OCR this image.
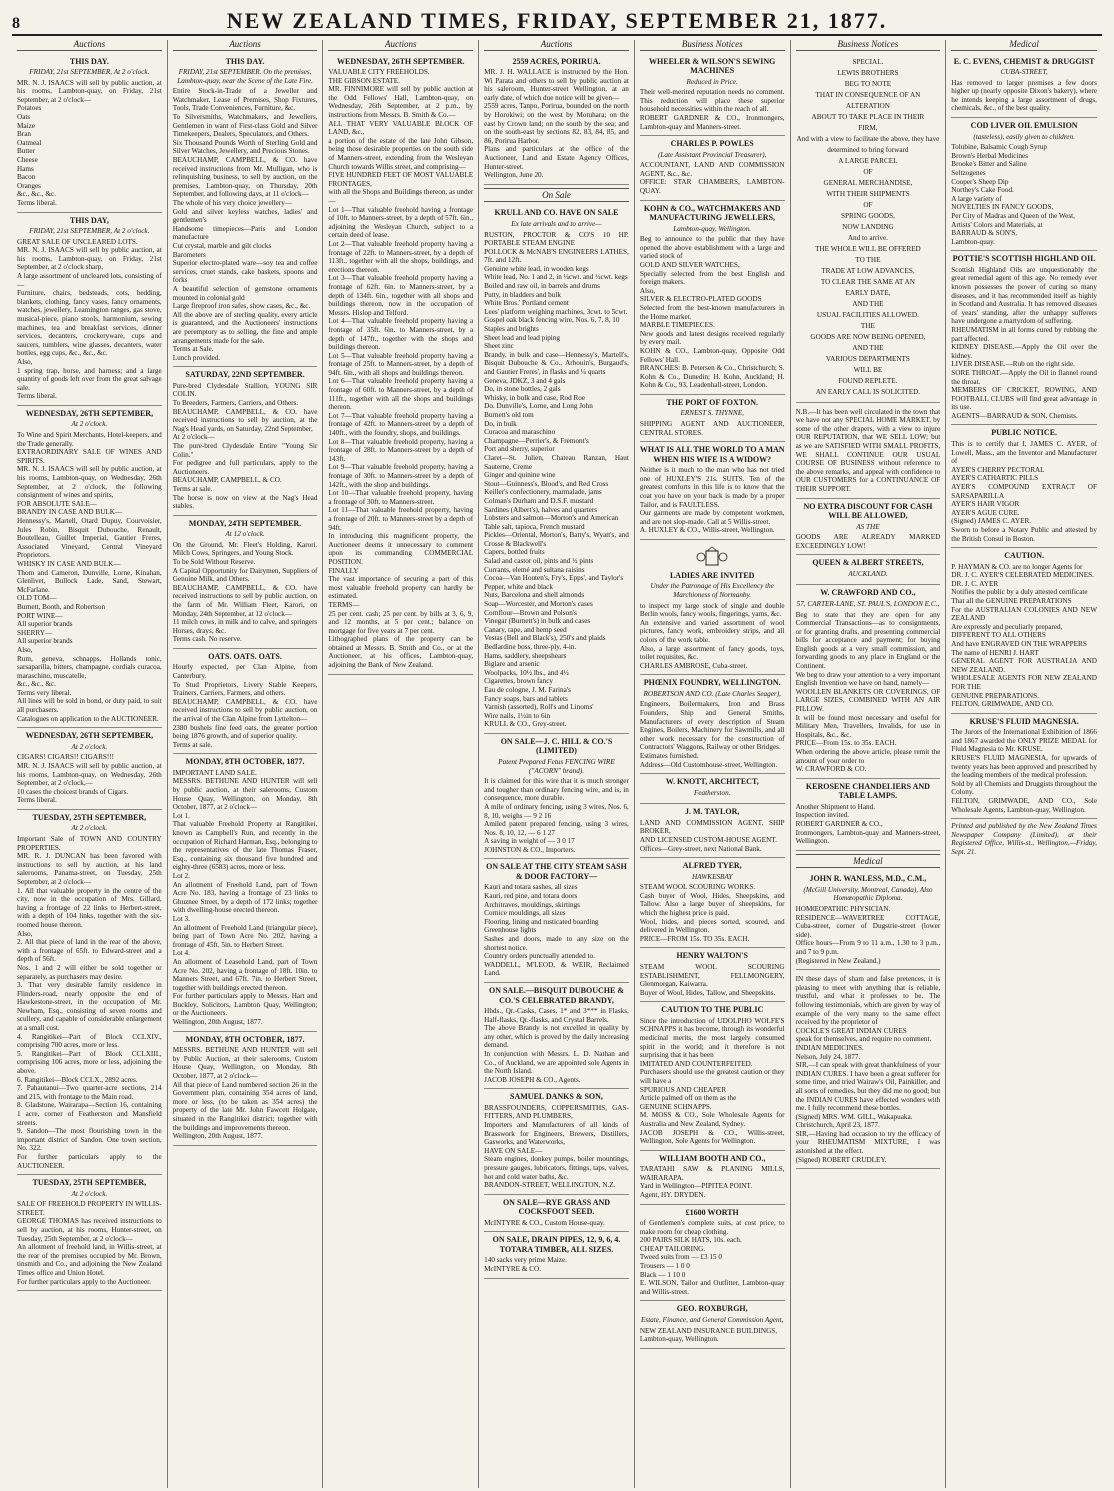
8	NEW ZEALAND TIMES, FRIDAY, SEPTEMBER 21, 1877.
Auctions
THIS DAY.
FRIDAY, 21st SEPTEMBER, At 2 o'clock.
MR. N. J. ISAACS will sell by public auction, at his rooms, Lambton-quay, on Friday, 21st September, at 2 o'clock—
Potatoes
Oats
Maize
Bran
Oatmeal
Butter
Cheese
Hams
Bacon
Oranges
&c., &c., &c.
Terms liberal.
THIS DAY,
FRIDAY, 21st SEPTEMBER, At 2 o'clock.
GREAT SALE OF UNCLEARED LOTS.
MR. N. J. ISAACS will sell by public auction, at his rooms, Lambton-quay, on Friday, 21st September, at 2 o'clock sharp,
A large assortment of uncleared lots, consisting of—
Furniture, chairs, bedsteads, cots, bedding, blankets, clothing, fancy vases, fancy ornaments, watches, jewellery, Leamington ranges, gas stove, musical-piece, piano stools, harmonium, sewing machines, tea and breakfast services, dinner services, decanters, crockeryware, cups and saucers, tumblers, wine glasses, decanters, water bottles, egg cups, &c., &c., &c.
Also,
1 spring trap, horse, and harness; and a large quantity of goods left over from the great salvage sale.
Terms liberal.
WEDNESDAY, 26TH SEPTEMBER,
At 2 o'clock.
To Wine and Spirit Merchants, Hotel-keepers, and the Trade generally.
EXTRAORDINARY SALE OF WINES AND SPIRITS.
MR. N. J. ISAACS will sell by public auction, at his rooms, Lambton-quay, on Wednesday, 26th September, at 2 o'clock, the following consignment of wines and spirits,
FOR ABSOLUTE SALE—
BRANDY IN CASE AND BULK—
Hennessy's, Martell, Otard Dupuy, Courvoisier, Jules Robin, Bisquit Dubouche, Renault, Boutelleau, Guillet Imperial, Gautier Freres, Associated Vineyard, Central Vineyard Proprietors.
WHISKY IN CASE AND BULK—
Thom and Cameron, Dunville, Lorne, Kinahan, Glenlivet, Bullock Lade, Sand, Stewart, McFarlane.
OLD TOM—
Burnett, Booth, and Robertson
PORT WINE—
All superior brands
SHERRY—
All superior brands
Also,
Rum, geneva, schnapps, Hollands tonic, sarsaparilla, bitters, champagne, cordials curacoa, maraschino, muscatelle,
&c., &c., &c.
Terms very liberal.
All lines will be sold in bond, or duty paid, to suit all purchasers.
Catalogues on application to the AUCTIONEER.
WEDNESDAY, 26TH SEPTEMBER,
At 2 o'clock.
CIGARS! CIGARS!! CIGARS!!!
MR. N. J. ISAACS will sell by public auction, at his rooms, Lambton-quay, on Wednesday, 26th September, at 2 o'clock,—
10 cases the choicest brands of Cigars.
Terms liberal.
TUESDAY, 25TH SEPTEMBER,
At 2 o'clock.
Important Sale of TOWN AND COUNTRY PROPERTIES.
MR. R. J. DUNCAN has been favored with instructions to sell by auction, at his land salerooms, Panama-street, on Tuesday, 25th September, at 2 o'clock—
1. All that valuable property in the centre of the city, now in the occupation of Mrs. Gillard, having a frontage of 22 links to Herbert-street, with a depth of 104 links, together with the six-roomed house thereon.
Also,
2. All that piece of land in the rear of the above, with a frontage of 65ft. to Edward-street and a depth of 56ft.
Nos. 1 and 2 will either be sold together or separately, as purchasers may desire.
3. That very desirable family residence in Flinders-road, nearly opposite the end of Hawkestone-street, in the occupation of Mr. Newham, Esq., consisting of seven rooms and scullery, and capable of considerable enlargement at a small cost.
4. Rangitikei—Part of Block CCLXIV., comprising 700 acres, more or less.
5. Rangitikei—Part of Block CCLXIII., comprising 106 acres, more or less, adjoining the above.
6. Rangitikei—Block CCLX., 2892 acres.
7. Pahautanui—Two quarter-acre sections, 214 and 215, with frontage to the Main road.
8. Gladstone, Wairarapa—Section 16, containing 1 acre, corner of Featherston and Mansfield streets.
9. Sandon—The most flourishing town in the important district of Sandon. One town section, No. 322.
For further particulars apply to the AUCTIONEER.
TUESDAY, 25TH SEPTEMBER,
At 2 o'clock.
SALE OF FREEHOLD PROPERTY IN WILLIS-STREET.
GEORGE THOMAS has received instructions to sell by auction, at his rooms, Hunter-street, on Tuesday, 25th September, at 2 o'clock—
An allotment of freehold land, in Willis-street, at the rear of the premises occupied by Mr. Brown, tinsmith and Co., and adjoining the New Zealand Times office and Union Hotel.
For further particulars apply to the Auctioneer.
Auctions
THIS DAY.
FRIDAY, 21st SEPTEMBER. On the premises, Lambton-quay, near the Scene of the Late Fire.
Entire Stock-in-Trade of a Jeweller and Watchmaker, Lease of Premises, Shop Fixtures, Tools, Trade Conveniences, Furniture, &c.
To Silversmiths, Watchmakers, and Jewellers, Gentlemen in want of First-class Gold and Silver Timekeepers, Dealers, Speculators, and Others.
Six Thousand Pounds Worth of Sterling Gold and Silver Watches, Jewellery, and Precious Stones.
BEAUCHAMP, CAMPBELL, & CO. have received instructions from Mr. Mulligan, who is relinquishing business, to sell by auction, on the premises, Lambton-quay, on Thursday, 20th September, and following days, at 11 o'clock—
The whole of his very choice jewellery—
Gold and silver keyless watches, ladies' and gentlemen's
Handsome timepieces—Paris and London manufacture
Cut crystal, marble and gilt clocks
Barometers
Superior electro-plated ware—soy tea and coffee services, cruet stands, cake baskets, spoons and forks
A beautiful selection of gemstone ornaments mounted in colonial gold
Large fireproof iron safes, show cases, &c., &c.
All the above are of sterling quality, every article is guaranteed, and the Auctioneers' instructions are peremptory as to selling, the fine and ample arrangements made for the sale.
Terms at Sale.
Lunch provided.
SATURDAY, 22ND SEPTEMBER.
Pure-bred Clydesdale Stallion, YOUNG SIR COLIN.
To Breeders, Farmers, Carriers, and Others.
BEAUCHAMP, CAMPBELL, & CO. have received instructions to sell by auction, at the Nag's Head yards, on Saturday, 22nd September,
At 2 o'clock—
The pure-bred Clydesdale Entire "Young Sir Colin."
For pedigree and full particulars, apply to the Auctioneers.
BEAUCHAMP, CAMPBELL, & CO.
Terms at sale.
The horse is now on view at the Nag's Head stables.
MONDAY, 24TH SEPTEMBER.
At 12 o'clock.
On the Ground, Mr. Fleet's Holding, Karori. Milch Cows, Springers, and Young Stock.
To be Sold Without Reserve.
A Capital Opportunity for Dairymen, Suppliers of Genuine Milk, and Others.
BEAUCHAMP, CAMPBELL, & CO. have received instructions to sell by public auction, on the farm of Mr. William Fleet, Karori, on Monday, 24th September, at 12 o'clock—
11 milch cows, in milk and to calve, and springers
Horses, drays, &c.
Terms cash. No reserve.
OATS. OATS. OATS.
Hourly expected, per Clan Alpine, from Canterbury.
To Stud Proprietors, Livery Stable Keepers, Trainers, Carriers, Farmers, and others.
BEAUCHAMP, CAMPBELL, & CO. have received instructions to sell by public auction, on the arrival of the Clan Alpine from Lyttelton—
2380 bushels fine feed oats, the greater portion being 1876 growth, and of superior quality.
Terms at sale.
MONDAY, 8TH OCTOBER, 1877.
IMPORTANT LAND SALE.
MESSRS. BETHUNE AND HUNTER will sell by public auction, at their salerooms, Custom House Quay, Wellington, on Monday, 8th October, 1877, at 2 o'clock—
Lot 1.
That valuable Freehold Property at Rangitikei, known as Campbell's Run, and recently in the occupation of Richard Harman, Esq., belonging to the representatives of the late Thomas Fraser, Esq., containing six thousand five hundred and eighty-three (6583) acres, more or less.
Lot 2.
An allotment of Freehold Land, part of Town Acre No. 183, having a frontage of 23 links to Ghuznee Street, by a depth of 172 links; together with dwelling-house erected thereon.
Lot 3.
An allotment of Freehold Land (triangular piece), being part of Town Acre No. 202, having a frontage of 45ft. 5in. to Herbert Street.
Lot 4.
An allotment of Leasehold Land, part of Town Acre No. 202, having a frontage of 18ft. 10in. to Manners Street, and 67ft. 7in. to Herbert Street, together with buildings erected thereon.
For further particulars apply to Messrs. Hart and Buckley, Solicitors, Lambton Quay, Wellington; or the Auctioneers.
Wellington, 20th August, 1877.
MONDAY, 8TH OCTOBER, 1877.
MESSRS. BETHUNE AND HUNTER will sell by Public Auction, at their salerooms, Custom House Quay, Wellington, on Monday, 8th October, 1877, at 2 o'clock—
All that piece of Land numbered section 26 in the Government plan, containing 354 acres of land, more or less, (to be taken as 354 acres) the property of the late Mr. John Fawcett Holgate, situated in the Rangitikei district; together with the buildings and improvements thereon.
Wellington, 20th August, 1877.
Auctions
WEDNESDAY, 26TH SEPTEMBER.
VALUABLE CITY FREEHOLDS.
THE GIBSON ESTATE.
MR. FINNIMORE will sell by public auction at the Odd Fellows' Hall, Lambton-quay, on Wednesday, 26th September, at 2 p.m., by instructions from Messrs. B. Smith & Co.—
ALL THAT VERY VALUABLE BLOCK OF LAND, &c.,
a portion of the estate of the late John Gibson, being those desirable properties on the south side of Manners-street, extending from the Wesleyan Church towards Willis street, and comprising—
FIVE HUNDRED FEET OF MOST VALUABLE FRONTAGES,
with all the Shops and Buildings thereon, as under—
Lot 1—That valuable freehold having a frontage of 10ft. to Manners-street, by a depth of 57ft. 6in., adjoining the Wesleyan Church, subject to a certain deed of lease.
Lot 2—That valuable freehold property having a frontage of 22ft. to Manners-street, by a depth of 113ft., together with all the shops, buildings, and erections thereon.
Lot 3—That valuable freehold property having a frontage of 62ft. 6in. to Manners-street, by a depth of 134ft. 6in., together with all shops and buildings thereon, now in the occupation of Messrs. Hislop and Telford.
Lot 4—That valuable freehold property having a frontage of 35ft. 6in. to Manners-street, by a depth of 147ft., together with the shops and buildings thereon.
Lot 5—That valuable freehold property having a frontage of 25ft. to Manners-street, by a depth of 94ft. 6in., with all shops and buildings thereon.
Lot 6—That valuable freehold property having a frontage of 60ft. to Manners-street, by a depth of 111ft., together with all the shops and buildings thereon.
Lot 7—That valuable freehold property having a frontage of 42ft. to Manners-street by a depth of 140ft., with the foundry, shops, and buildings.
Lot 8—That valuable freehold property, having a frontage of 28ft. to Manners-street by a depth of 143ft.
Lot 9—That valuable freehold property, having a frontage of 30ft. to Manners-street by a depth of 142ft., with the shop and buildings.
Lot 10—That valuable freehold property, having a frontage of 30ft. to Manners-street.
Lot 11—That valuable freehold property, having a frontage of 20ft. to Manners-street by a depth of 94ft.
In introducing this magnificent property, the Auctioneer deems it unnecessary to comment upon its commanding COMMERCIAL POSITION.
FINALLY
The vast importance of securing a part of this most valuable freehold property can hardly be estimated.
TERMS—
25 per cent. cash; 25 per cent. by bills at 3, 6, 9, and 12 months, at 5 per cent.; balance on mortgage for five years at 7 per cent.
Lithographed plans of the property can be obtained at Messrs. B. Smith and Co., or at the Auctioneer, at his offices, Lambton-quay, adjoining the Bank of New Zealand.
Auctions
2559 ACRES, PORIRUA.
MR. J. H. WALLACE is instructed by the Hon. Wi Parata and others to sell by public auction at his saleroom, Hunter-street Wellington, at an early date, of which due notice will be given—
2559 acres, Tanpo, Porirua, bounded on the north by Horokiwi; on the west by Motuhara; on the east by Crown land; on the south by the sea; and on the south-east by sections 82, 83, 84, 85, and 86, Porirua Harbor.
Plans and particulars at the office of the Auctioneer, Land and Estate Agency Offices, Hunter-street.
Wellington, June 20.
On Sale
KRULL AND CO. HAVE ON SALE
Ex late arrivals and to arrive—
RUSTON, PROCTOR & CO'S 10 HP. PORTABLE STEAM ENGINE
POLLOCK & McNAB'S ENGINEERS LATHES, 7ft. and 12ft.
Genuine white lead, in wooden kegs
White lead, No. 1 and 2, in ¼cwt. and ½cwt. kegs
Boiled and raw oil, in barrels and drums
Putty, in bladders and bulk
White Bros.' Portland cement
Lees' platform weighing machines, 3cwt. to 5cwt.
Gospel oak black fencing wire, Nos. 6, 7, 8, 10
Staples and brights
Sheet lead and lead piping
Sheet zinc
Brandy, in bulk and case—Hennessy's, Martell's, Bisquit Dubouche & Co., Arbouin's, Burgaud's, and Gautier Freres', in flasks and ¼ quarts
Geneva, JDKZ, 3 and 4 gals
Do, in stone bottles, 2 gals
Whisky, in bulk and case, Rod Roe
Do. Dunville's, Lorne, and Long John
Burnett's old tom
Do, in bulk
Curacoa and maraschino
Champagne—Perrier's, & Fremont's
Port and sherry, superior
Claret—St. Julien, Chateau Ranzan, Haut Sauterne, Creme
Ginger and quinine wine
Stout—Guinness's, Blood's, and Red Cross
Keiller's confectionery, marmalade, jams
Colman's Durham and D.S.F. mustard
Sardines (Albert's), halves and quarters
Lobsters and salmon—Morton's and American
Table salt, tapioca, French mustard
Pickles—Oriental, Morton's, Batty's, Wyatt's, and Crosse & Blackwell's
Capers, bottled fruits
Salad and castor oil, pints and ½ pints
Currants, elemé and sultana raisins
Cocoa—Van Houten's, Fry's, Epps', and Taylor's
Pepper, white and black
Nuts, Barcelona and shell almonds
Soap—Worcester, and Morton's cases
Cornflour—Brown and Polson's
Vinegar (Burnett's) in bulk and cases
Canary, rape, and hemp seed
Vestas (Bell and Black's), 250's and plaids
Bedlardine boss, three-ply, 4-in.
Hams, saddlery, sheepshears
Biglare and arsenic
Woolpacks, 10½ lbs., and 4½
Cigarettes, brown fancy
Eau de cologne, J. M. Farina's
Fancy soaps, bars and tablets
Varnish (assorted), Roll's and Linoms'
Wire nails, 1½in to 6in
KRULL & CO., Grey-street.
ON SALE—J. C. HILL & CO.'S (LIMITED)
Patent Prepared Fetus FENCING WIRE ("ACORN" brand).
It is claimed for this wire that it is much stronger and tougher than ordinary fencing wire, and is, in consequence, more durable.
A mile of ordinary fencing, using 3 wires, Nos. 6, 8, 10, weighs — 9 2 16
Amiled patent prepared fencing, using 3 wires, Nos. 8, 10, 12, — 6 1 27
A saving in weight of — 3 0 17
JOHNSTON & CO., Importers.
ON SALE AT THE CITY STEAM SASH & DOOR FACTORY—
Kauri and totara sashes, all sizes
Kauri, red pine, and totara doors
Architraves, mouldings, skirtings
Cornice mouldings, all sizes
Flooring, lining and rusticated boarding
Greenhouse lights
Sashes and doors, made to any size on the shortest notice.
Country orders punctually attended to.
WADDELL, M'LEOD, & WEIR, Reclaimed Land.
ON SALE.—BISQUIT DUBOUCHE & CO.'S CELEBRATED BRANDY,
Hhds., Qr.-Casks, Cases, 1* and 3*** in Flasks, Half-flasks, Qr.-flasks, and Crystal Barrels.
The above Brandy is not excelled in quality by any other, which is proved by the daily increasing demand.
In conjunction with Messrs. L. D. Nathan and Co., of Auckland, we are appointed sole Agents in the North Island.
JACOB JOSEPH & CO., Agents.
SAMUEL DANKS & SON,
BRASSFOUNDERS, COPPERSMITHS, GAS-FITTERS, AND PLUMBERS,
Importers and Manufacturers of all kinds of Brasswork for Engineers, Brewers, Distillers, Gasworks, and Waterworks,
HAVE ON SALE—
Steam engines, donkey pumps, boiler mountings, pressure gauges, lubricators, fittings, taps, valves, hot and cold water baths, &c.
BRANDON-STREET, WELLINGTON, N.Z.
ON SALE—RYE GRASS AND COCKSFOOT SEED.
McINTYRE & CO., Custom House-quay.
ON SALE, DRAIN PIPES, 12, 9, 6, 4. TOTARA TIMBER, ALL SIZES.
140 sacks very prime Maize.
McINTYRE & CO.
Business Notices
WHEELER & WILSON'S SEWING MACHINES
Reduced in Price.
Their well-merited reputation needs no comment. This reduction will place these superior household necessities within the reach of all.
ROBERT GARDNER & CO., Ironmongers, Lambton-quay and Manners-street.
CHARLES P. POWLES
(Late Assistant Provincial Treasurer),
ACCOUNTANT, LAND AND COMMISSION AGENT, &c., &c.
OFFICE: STAR CHAMBERS, LAMBTON-QUAY.
KOHN & CO., WATCHMAKERS AND MANUFACTURING JEWELLERS,
Lambton-quay, Wellington.
Beg to announce to the public that they have opened the above establishment with a large and varied stock of
GOLD AND SILVER WATCHES,
Specially selected from the best English and foreign makers.
Also,
SILVER & ELECTRO-PLATED GOODS
Selected from the best-known manufacturers in the Home market.
MARBLE TIMEPIECES.
New goods and latest designs received regularly by every mail.
KOHN & CO., Lambton-quay, Opposite Odd Fellows' Hall.
BRANCHES: B. Petersen & Co., Christchurch; S. Kohn & Co., Dunedin; H. Kohn, Auckland; H. Kohn & Co., 93, Leadenhall-street, London.
THE PORT OF FOXTON.
ERNEST S. THYNNE,
SHIPPING AGENT AND AUCTIONEER, CENTRAL STORES.
WHAT IS ALL THE WORLD TO A MAN WHEN HIS WIFE IS A WIDOW?
Neither is it much to the man who has not tried one of HUXLEY'S 21s. SUITS. Ten of the greatest comforts in this life is to know that the coat you have on your back is made by a proper Tailor, and is FAULTLESS.
Our garments are made by competent workmen, and are not slop-made. Call at 5 Willis-street.
A. HUXLEY & CO., Willis-street, Wellington.
LADIES ARE INVITED
Under the Patronage of His Excellency the Marchioness of Normanby.
to inspect my large stock of single and double Berlin wools, fancy wools, fingerings, yarns, &c.
An extensive and varied assortment of wool pictures, fancy work, embroidery strips, and all colors of the work table.
Also, a large assortment of fancy goods, toys, toilet requisites, &c.
CHARLES AMBROSE, Cuba-street.
PHŒNIX FOUNDRY, WELLINGTON.
ROBERTSON AND CO. (Late Charles Seager),
Engineers, Boilermakers, Iron and Brass Founders, Ship and General Smiths, Manufacturers of every description of Steam Engines, Boilers, Machinery for Sawmills, and all other work necessary for the construction of Contractors' Waggons, Railway or other Bridges.
Estimates furnished.
Address—Old Customhouse-street, Wellington.
W. KNOTT, ARCHITECT,
Featherston.
J. M. TAYLOR,
LAND AND COMMISSION AGENT, SHIP BROKER,
AND LICENSED CUSTOM-HOUSE AGENT.
Offices—Grey-street, next National Bank.
ALFRED TYER,
HAWKESBAY
STEAM WOOL SCOURING WORKS.
Cash buyer of Wool, Hides, Sheepskins, and Tallow. Also a large buyer of sheepskins, for which the highest price is paid.
Wool, hides, and pieces sorted, scoured, and delivered in Wellington.
PRICE—FROM 15s. TO 35s. EACH.
HENRY WALTON'S
STEAM WOOL SCOURING ESTABLISHMENT, FELLMONGERY, Glenmorgan, Kaiwarra.
Buyer of Wool, Hides, Tallow, and Sheepskins.
CAUTION TO THE PUBLIC
Since the introduction of UDOLPHO WOLFE'S SCHNAPPS it has become, through its wonderful medicinal merits, the most largely consumed spirit in the world; and it therefore is not surprising that it has been
IMITATED AND COUNTERFEITED.
Purchasers should use the greatest caution or they will have a
SPURIOUS AND CHEAPER
Article palmed off on them as the
GENUINE SCHNAPPS.
M. MOSS & CO., Sole Wholesale Agents for Australia and New Zealand, Sydney.
JACOB JOSEPH & CO., Willis-street, Wellington, Sole Agents for Wellington.
WILLIAM BOOTH AND CO.,
TARATAHI SAW & PLANING MILLS, WAIRARAPA.
Yard in Wellington—PIPITEA POINT.
Agent, HY. DRYDEN.
£1600 WORTH
of Gentlemen's complete suits, at cost price, to make room for cheap clothing.
200 PAIRS SILK HATS, 10s. each.
CHEAP TAILORING.
Tweed suits from — £3 15 0
Trousers — 1 0 0
Black — 1 10 0
E. WILSON, Tailor and Outfitter, Lambton-quay and Willis-street.
GEO. ROXBURGH,
Estate, Finance, and General Commission Agent,
NEW ZEALAND INSURANCE BUILDINGS,
Lambton-quay, Wellington.
Business Notices
SPECIAL.
LEWIS BROTHERS
BEG TO NOTE
THAT IN CONSEQUENCE OF AN
ALTERATION
ABOUT TO TAKE PLACE IN THEIR
FIRM,
And with a view to facilitate the above, they have determined to bring forward
A LARGE PARCEL
OF
GENERAL MERCHANDISE,
WITH THEIR SHIPMENTS
OF
SPRING GOODS,
NOW LANDING
And to arrive.
THE WHOLE WILL BE OFFERED
TO THE
TRADE AT LOW ADVANCES,
TO CLEAR THE SAME AT AN
EARLY DATE,
AND THE
USUAL FACILITIES ALLOWED.
THE
GOODS ARE NOW BEING OPENED,
AND THE
VARIOUS DEPARTMENTS
WILL BE
FOUND REPLETE.
AN EARLY CALL IS SOLICITED.
N.B.—It has been well circulated in the town that we have not any SPECIAL HOME MARKET, by some of the other drapers, with a view to injure OUR REPUTATION, that WE SELL LOW; but as we are SATISFIED WITH SMALL PROFITS, WE SHALL CONTINUE OUR USUAL COURSE OF BUSINESS without reference to the above remarks, and appeal with confidence to OUR CUSTOMERS for a CONTINUANCE OF THEIR SUPPORT.
NO EXTRA DISCOUNT FOR CASH WILL BE ALLOWED,
AS THE
GOODS ARE ALREADY MARKED EXCEEDINGLY LOW!
QUEEN & ALBERT STREETS,
AUCKLAND.
W. CRAWFORD AND CO.,
57, CARTER-LANE, ST. PAUL'S, LONDON E.C.,
Beg to state that they are open for any Commercial Transactions—as to consignments, or for granting drafts, and presenting commercial bills for acceptance and payment; for buying English goods at a very small commission, and forwarding goods to any place in England or the Continent.
We beg to draw your attention to a very important English Invention we have on hand, namely—
WOOLLEN BLANKETS OR COVERINGS, OF LARGE SIZES, COMBINED WITH AN AIR PILLOW.
It will be found most necessary and useful for Military Men, Travellers, Invalids, for use in Hospitals, &c., &c.
PRICE—From 15s. to 35s. EACH.
When ordering the above article, please remit the amount of your order to
W. CRAWFORD & CO.
KEROSENE CHANDELIERS AND TABLE LAMPS.
Another Shipment to Hand.
Inspection invited.
ROBERT GARDNER & CO.,
Ironmongers, Lambton-quay and Manners-street, Wellington.
Medical
JOHN R. WANLESS, M.D., C.M.,
(McGill University, Montreal, Canada), Also Homœopathic Diploma.
HOMŒOPATHIC PHYSICIAN.
RESIDENCE—WAVERTREE COTTAGE, Cuba-street, corner of Dugstrie-street (lower side).
Office hours—From 9 to 11 a.m., 1.30 to 3 p.m., and 7 to 9 p.m.
(Registered in New Zealand.)
IN these days of sham and false pretences, it is pleasing to meet with anything that is reliable, trustful, and what it professes to be. The following testimonials, which are given by way of example of the very many to the same effect received by the proprietor of
COCKLE'S GREAT INDIAN CURES
speak for themselves, and require no comment.
INDIAN MEDICINES.
Nelson, July 24, 1877.
SIR,—I can speak with great thankfulness of your INDIAN CURES. I have been a great sufferer for some time, and tried Wairaw's Oil, Painkiller, and all sorts of remedies, but they did me no good; but the INDIAN CURES have effected wonders with me. I fully recommend these bottles.
(Signed) MRS. WM. GILL, Wakapuaka.
Christchurch, April 23, 1877.
SIR,—Having had occasion to try the efficacy of your RHEUMATISM MIXTURE, I was astonished at the effect.
(Signed) ROBERT CRUDLEY.
Medical
E. C. EVENS, CHEMIST & DRUGGIST
CUBA-STREET,
Has removed to larger premises a few doors higher up (nearly opposite Dixon's bakery), where he intends keeping a large assortment of drugs, chemicals, &c., of the best quality.
COD LIVER OIL EMULSION
(tasteless), easily given to children.
Tolubine, Balsamic Cough Syrup
Brown's Herbal Medicines
Brooke's Bitter and Saline
Seltzogenes
Cooper's Sheep Dip
Northey's Cake Food.
A large variety of
NOVELTIES IN FANCY GOODS,
Per City of Madras and Queen of the West,
Artists' Colors and Materials, at
BARRAUD & SON'S,
Lambton-quay.
POTTIE'S SCOTTISH HIGHLAND OIL
Scottish Highland Oils are unquestionably the great remedial agent of this age. No remedy ever known possesses the power of curing so many diseases, and it has recommended itself as highly in Scotland and Australia. It has removed diseases of years' standing, after the unhappy sufferers have undergone a martyrdom of suffering.
RHEUMATISM in all forms cured by rubbing the part affected.
KIDNEY DISEASE.—Apply the Oil over the kidney.
LIVER DISEASE.—Rub on the right side.
SORE THROAT.—Apply the Oil in flannel round the throat.
MEMBERS OF CRICKET, ROWING, AND FOOTBALL CLUBS will find great advantage in its use.
AGENTS—BARRAUD & SON, Chemists.
PUBLIC NOTICE.
This is to certify that I, JAMES C. AYER, of Lowell, Mass., am the Inventor and Manufacturer of
AYER'S CHERRY PECTORAL
AYER'S CATHARTIC PILLS
AYER'S COMPOUND EXTRACT OF SARSAPARILLA
AYER'S HAIR VIGOR
AYER'S AGUE CURE.
(Signed) JAMES C. AYER.
Sworn to before a Notary Public and attested by the British Consul in Boston.
CAUTION.
P. HAYMAN & CO. are no longer Agents for
DR. J. C. AYER'S CELEBRATED MEDICINES.
DR. J. C. AYER
Notifies the public by a duly attested certificate
That all the GENUINE PREPARATIONS
For the AUSTRALIAN COLONIES AND NEW ZEALAND
Are expressly and peculiarly prepared,
DIFFERENT TO ALL OTHERS
And have ENGRAVED ON THE WRAPPERS
The name of HENRI J. HART
GENERAL AGENT FOR AUSTRALIA AND NEW ZEALAND.
WHOLESALE AGENTS FOR NEW ZEALAND FOR THE
GENUINE PREPARATIONS.
FELTON, GRIMWADE, AND CO.
KRUSE'S FLUID MAGNESIA.
The Jurors of the International Exhibition of 1866 and 1867 awarded the ONLY PRIZE MEDAL for Fluid Magnesia to Mr. KRUSE.
KRUSE'S FLUID MAGNESIA, for upwards of twenty years has been approved and prescribed by the leading members of the medical profession.
Sold by all Chemists and Druggists throughout the Colony.
FELTON, GRIMWADE, AND CO., Sole Wholesale Agents, Lambton-quay, Wellington.
Printed and published by the New Zealand Times Newspaper Company (Limited), at their Registered Office, Willis-st., Wellington,—Friday, Sept. 21.
